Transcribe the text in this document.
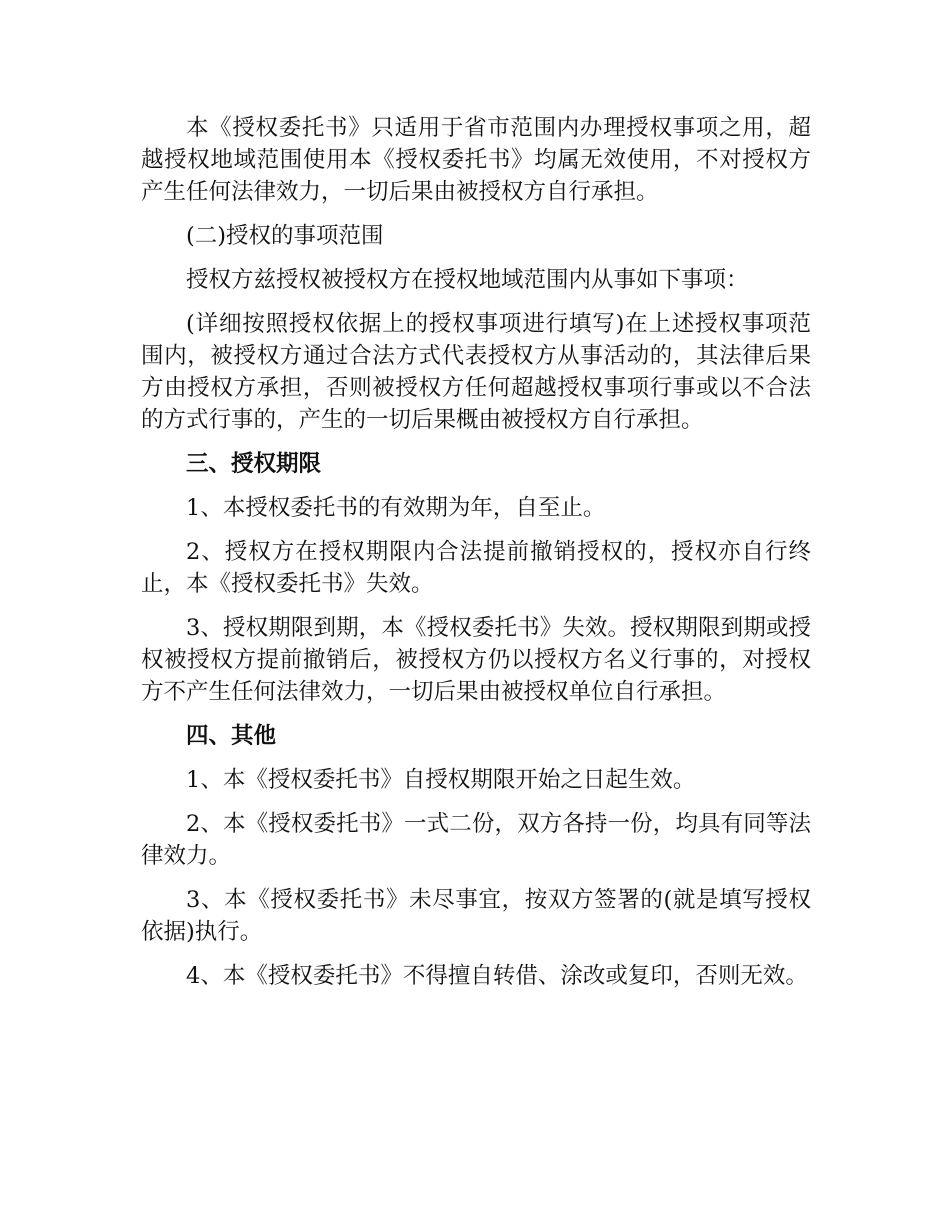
本《授权委托书》只适用于省市范围内办理授权事项之用，超越授权地域范围使用本《授权委托书》均属无效使用，不对授权方产生任何法律效力，一切后果由被授权方自行承担。

(二)授权的事项范围

授权方兹授权被授权方在授权地域范围内从事如下事项：

(详细按照授权依据上的授权事项进行填写)在上述授权事项范围内，被授权方通过合法方式代表授权方从事活动的，其法律后果方由授权方承担，否则被授权方任何超越授权事项行事或以不合法的方式行事的，产生的一切后果概由被授权方自行承担。

三、授权期限

1、本授权委托书的有效期为年，自至止。

2、授权方在授权期限内合法提前撤销授权的，授权亦自行终止，本《授权委托书》失效。

3、授权期限到期，本《授权委托书》失效。授权期限到期或授权被授权方提前撤销后，被授权方仍以授权方名义行事的，对授权方不产生任何法律效力，一切后果由被授权单位自行承担。

四、其他

1、本《授权委托书》自授权期限开始之日起生效。

2、本《授权委托书》一式二份，双方各持一份，均具有同等法律效力。

3、本《授权委托书》未尽事宜，按双方签署的(就是填写授权依据)执行。

4、本《授权委托书》不得擅自转借、涂改或复印，否则无效。
